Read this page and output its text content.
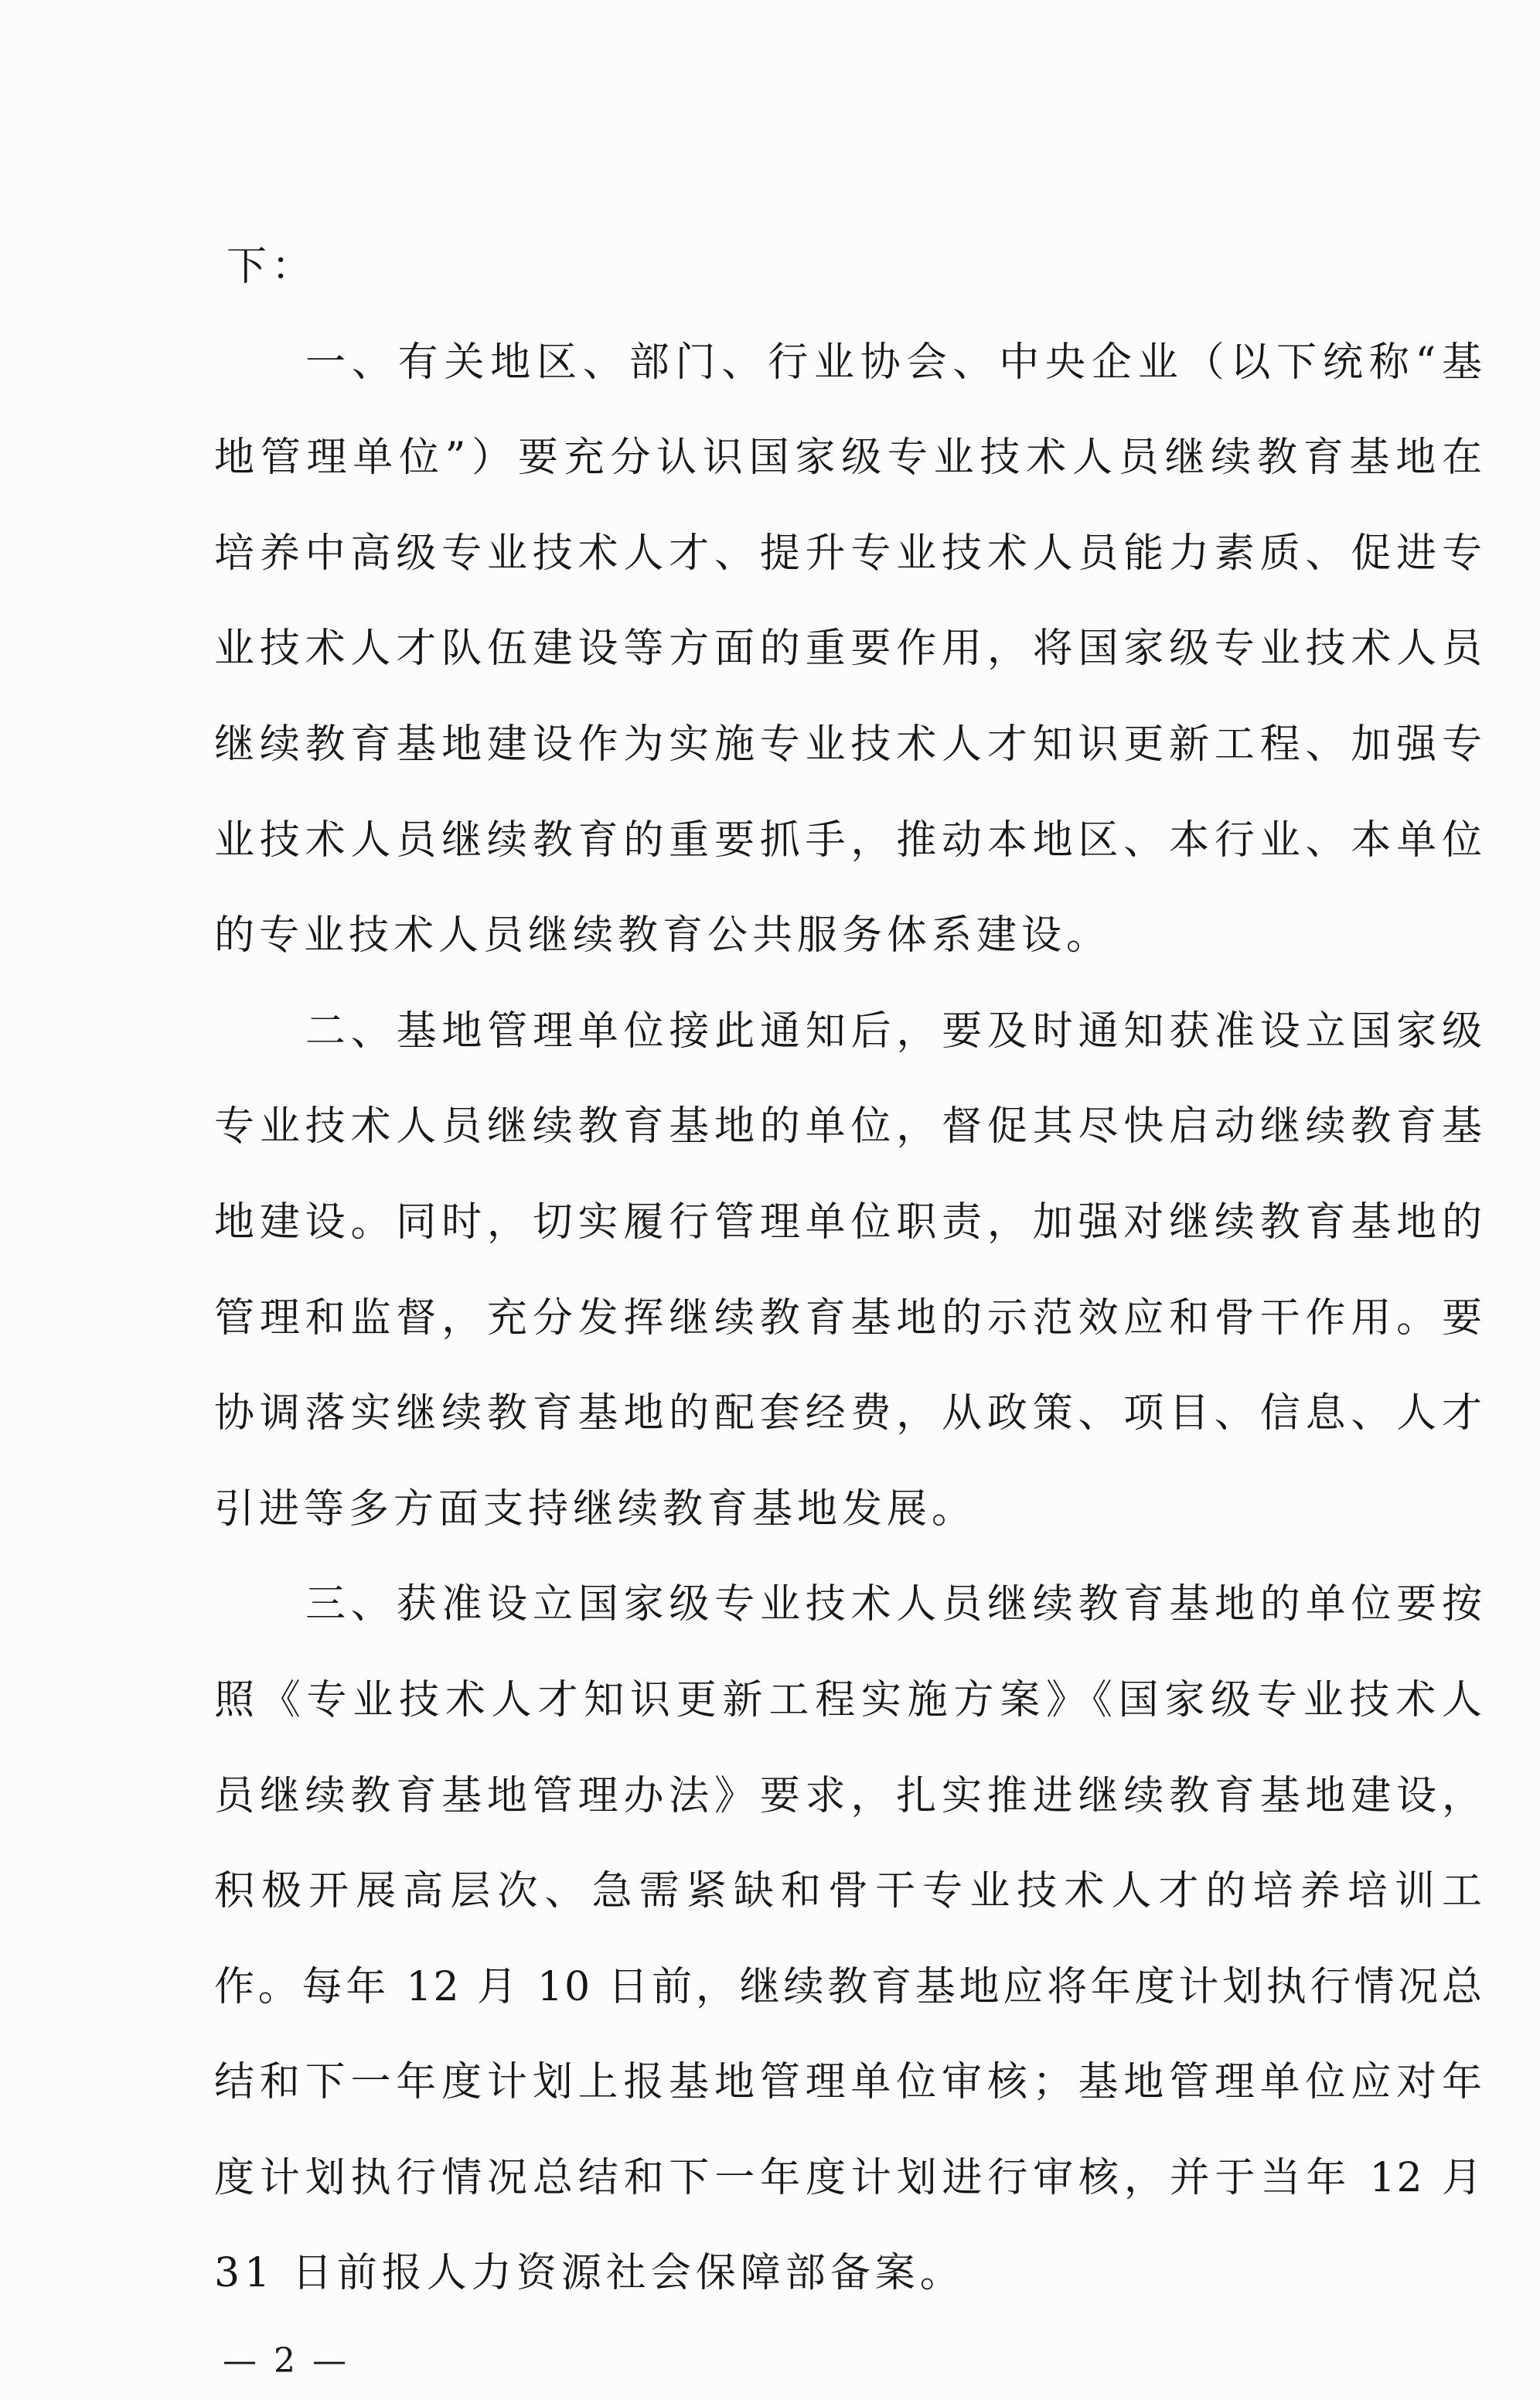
下：
一、有关地区、部门、行业协会、中央企业（以下统称“基
地管理单位”）要充分认识国家级专业技术人员继续教育基地在
培养中高级专业技术人才、提升专业技术人员能力素质、促进专
业技术人才队伍建设等方面的重要作用，将国家级专业技术人员
继续教育基地建设作为实施专业技术人才知识更新工程、加强专
业技术人员继续教育的重要抓手，推动本地区、本行业、本单位
的专业技术人员继续教育公共服务体系建设。
二、基地管理单位接此通知后，要及时通知获准设立国家级
专业技术人员继续教育基地的单位，督促其尽快启动继续教育基
地建设。同时，切实履行管理单位职责，加强对继续教育基地的
管理和监督，充分发挥继续教育基地的示范效应和骨干作用。要
协调落实继续教育基地的配套经费，从政策、项目、信息、人才
引进等多方面支持继续教育基地发展。
三、获准设立国家级专业技术人员继续教育基地的单位要按
照《专业技术人才知识更新工程实施方案》《国家级专业技术人
员继续教育基地管理办法》要求，扎实推进继续教育基地建设，
积极开展高层次、急需紧缺和骨干专业技术人才的培养培训工
作。每年 12 月 10 日前，继续教育基地应将年度计划执行情况总
结和下一年度计划上报基地管理单位审核；基地管理单位应对年
度计划执行情况总结和下一年度计划进行审核，并于当年 12 月
31 日前报人力资源社会保障部备案。
— 2 —
